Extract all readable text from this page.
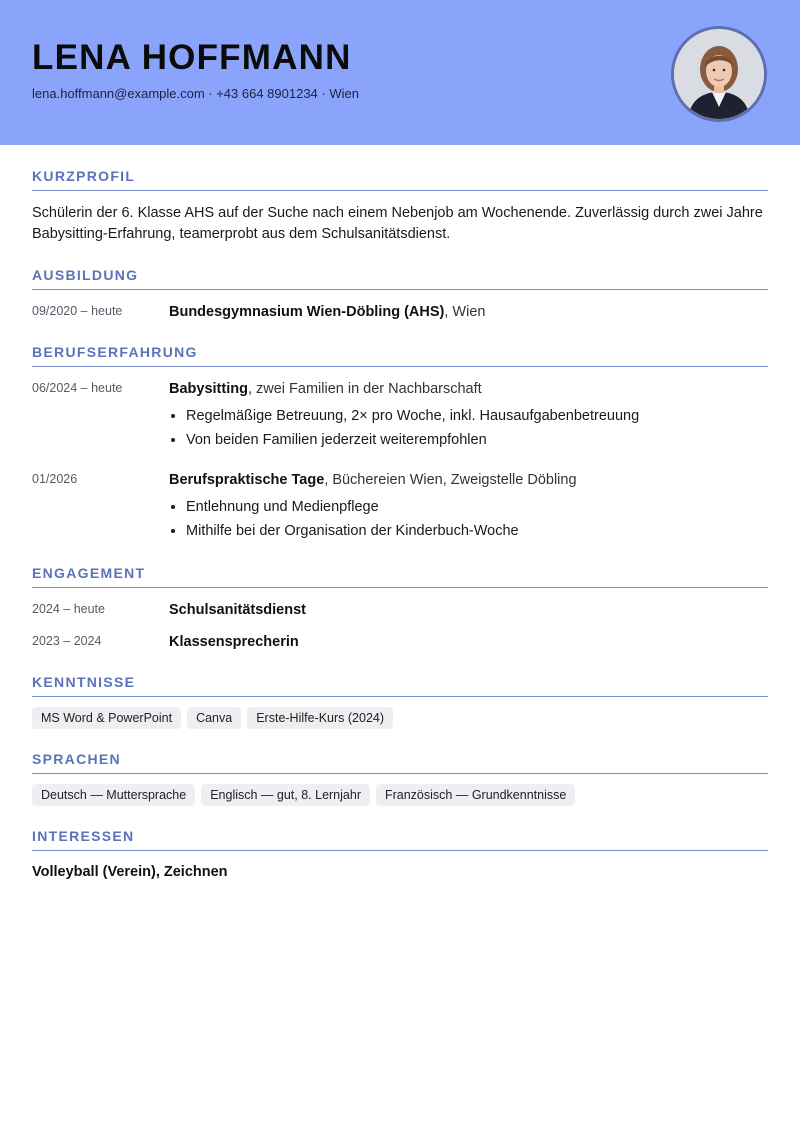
LENA HOFFMANN
lena.hoffmann@example.com · +43 664 8901234 · Wien
KURZPROFIL
Schülerin der 6. Klasse AHS auf der Suche nach einem Nebenjob am Wochenende. Zuverlässig durch zwei Jahre Babysitting-Erfahrung, teamerprobt aus dem Schulsanitätsdienst.
AUSBILDUNG
09/2020 – heute	Bundesgymnasium Wien-Döbling (AHS), Wien
BERUFSERFAHRUNG
06/2024 – heute	Babysitting, zwei Familien in der Nachbarschaft
• Regelmäßige Betreuung, 2× pro Woche, inkl. Hausaufgabenbetreuung
• Von beiden Familien jederzeit weiterempfohlen
01/2026	Berufspraktische Tage, Büchereien Wien, Zweigstelle Döbling
• Entlehnung und Medienpflege
• Mithilfe bei der Organisation der Kinderbuch-Woche
ENGAGEMENT
2024 – heute	Schulsanitätsdienst
2023 – 2024	Klassensprecherin
KENNTNISSE
MS Word & PowerPoint	Canva	Erste-Hilfe-Kurs (2024)
SPRACHEN
Deutsch — Muttersprache	Englisch — gut, 8. Lernjahr	Französisch — Grundkenntnisse
INTERESSEN
Volleyball (Verein), Zeichnen
